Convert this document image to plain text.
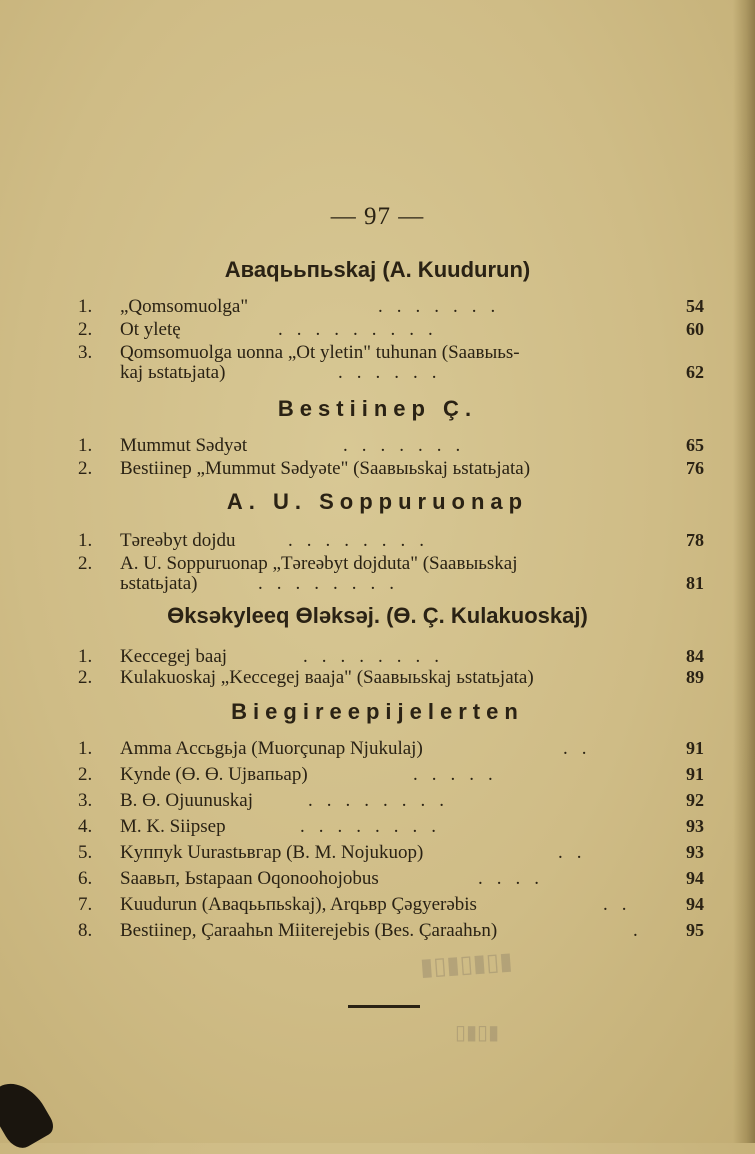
— 97 —
Аваqььпьskaj (A. Kuudurun)
1. „Qomsomuolga"	.......	54
2. Ot yletę	.........	60
3. Qomsomuolga uonna „Ot yletin" tuhunan (Saaвыьs-
kaj ьstatьjata)	......	62
Bestiinep Ç.
1. Mummut Sədyət	.......	65
2. Bestiinep „Mummut Sədyəte" (Saaвыьskaj ьstatьjata)	76
A. U. Soppuruonap
1. Təreəbyt dojdu	........	78
2. A. U. Soppuruonap „Təreəbyt dojduta" (Saaвыьskaj
ьstatьjata)	........	81
Өksəkyleeq Өləksəj. (Ө. Ç. Kulakuoskaj)
1. Keccegej baaj	........	84
2. Kulakuoskaj „Keccegej вaaja" (Saaвыьskaj ьstatьjata)	89
Biegireepijelerten
1. Amma Accьgьja (Muorçunap Njukulaj)	..	91
2. Kynde (Ө. Ө. Ujвaпьap)	.....	91
3. B. Ө. Ojuunuskaj	........	92
4. M. K. Siipsep	........	93
5. Kyппyk Uurastьвгap (B. M. Nojukuop)	..	93
6. Saaвьп, Ьstapaan Oqonoohojobus	....	94
7. Kuudurun (Аваqььпьskaj), Arqьвр Çəgyerəbis	..	94
8. Bestiinep, Çaraahьn Miiterejebis (Bes. Çaraahьn)	.	95
▮▯▮▯▮▯▮
▯▮▯▮
